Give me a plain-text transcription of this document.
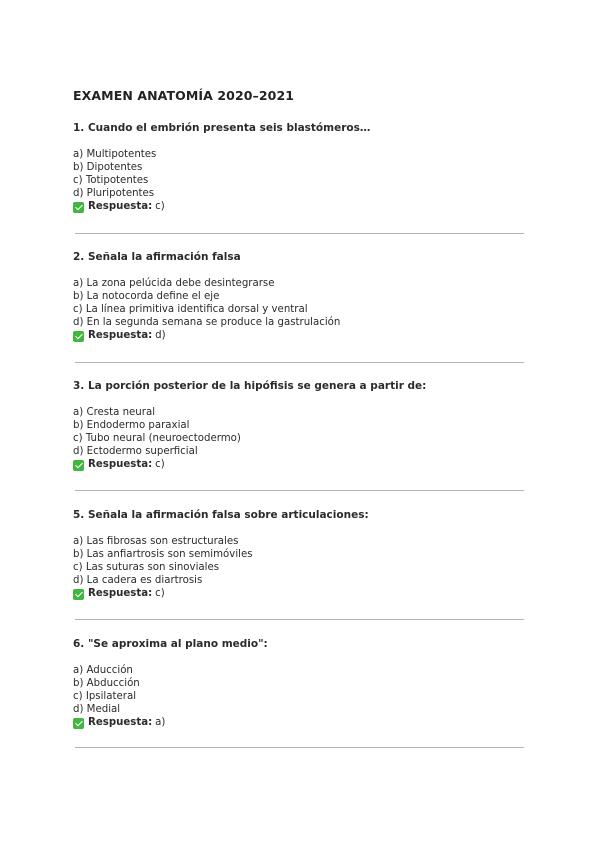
EXAMEN ANATOMÍA 2020–2021
1. Cuando el embrión presenta seis blastómeros…
a) Multipotentes
b) Dipotentes
c) Totipotentes
d) Pluripotentes
Respuesta: c)
2. Señala la afirmación falsa
a) La zona pelúcida debe desintegrarse
b) La notocorda define el eje
c) La línea primitiva identifica dorsal y ventral
d) En la segunda semana se produce la gastrulación
Respuesta: d)
3. La porción posterior de la hipófisis se genera a partir de:
a) Cresta neural
b) Endodermo paraxial
c) Tubo neural (neuroectodermo)
d) Ectodermo superficial
Respuesta: c)
5. Señala la afirmación falsa sobre articulaciones:
a) Las fibrosas son estructurales
b) Las anfiartrosis son semimóviles
c) Las suturas son sinoviales
d) La cadera es diartrosis
Respuesta: c)
6. "Se aproxima al plano medio":
a) Aducción
b) Abducción
c) Ipsilateral
d) Medial
Respuesta: a)
